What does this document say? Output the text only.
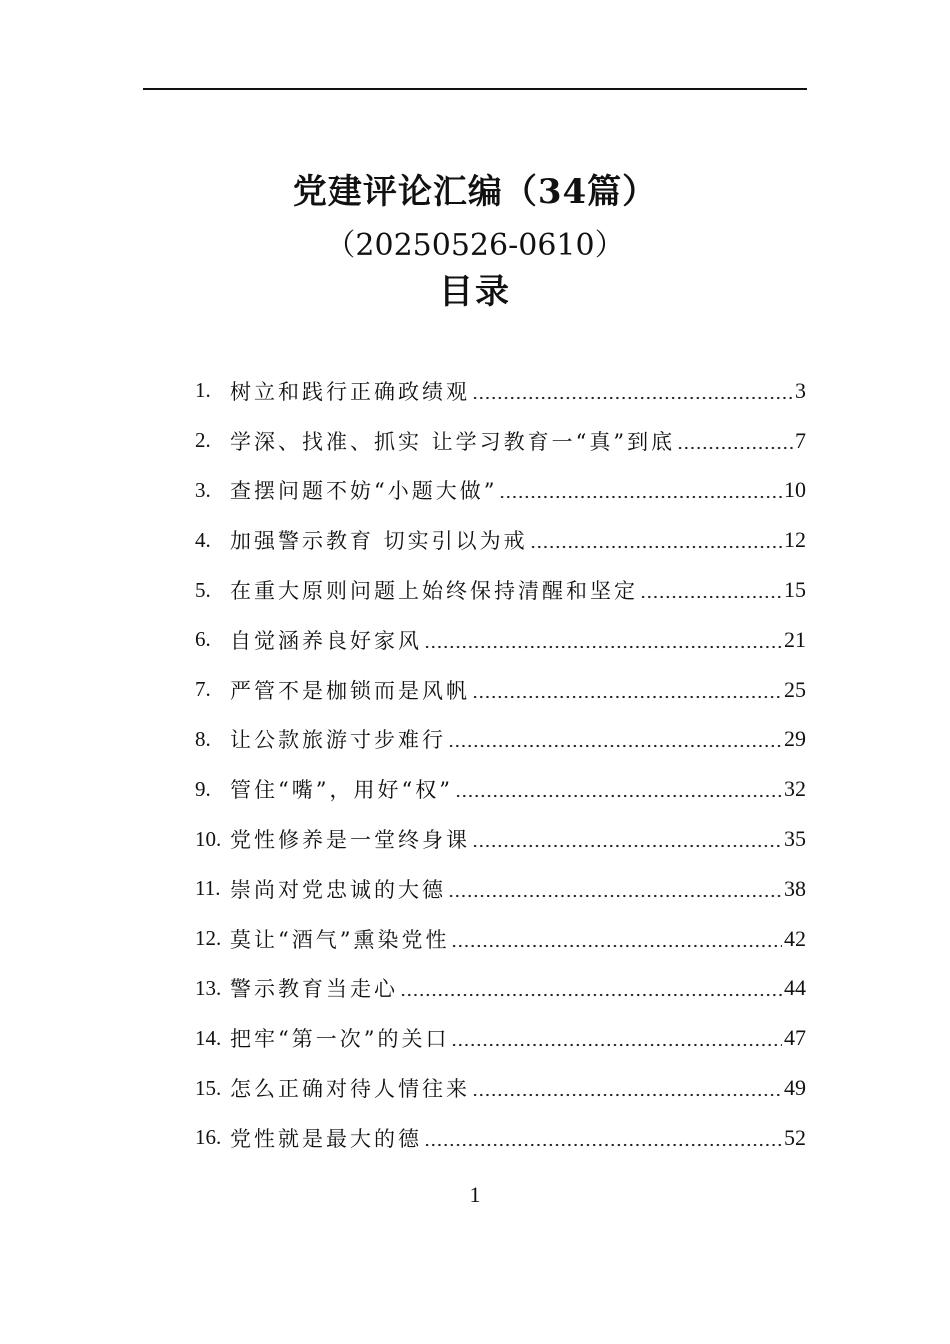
党建评论汇编（34篇）
（20250526-0610）
目录
1. 树立和践行正确政绩观	3
2. 学深、找准、抓实 让学习教育一“真”到底	7
3. 查摆问题不妨“小题大做”	10
4. 加强警示教育 切实引以为戒	12
5. 在重大原则问题上始终保持清醒和坚定	15
6. 自觉涵养良好家风	21
7. 严管不是枷锁而是风帆	25
8. 让公款旅游寸步难行	29
9. 管住“嘴”，用好“权”	32
10. 党性修养是一堂终身课	35
11. 崇尚对党忠诚的大德	38
12. 莫让“酒气”熏染党性	42
13. 警示教育当走心	44
14. 把牢“第一次”的关口	47
15. 怎么正确对待人情往来	49
16. 党性就是最大的德	52
1
